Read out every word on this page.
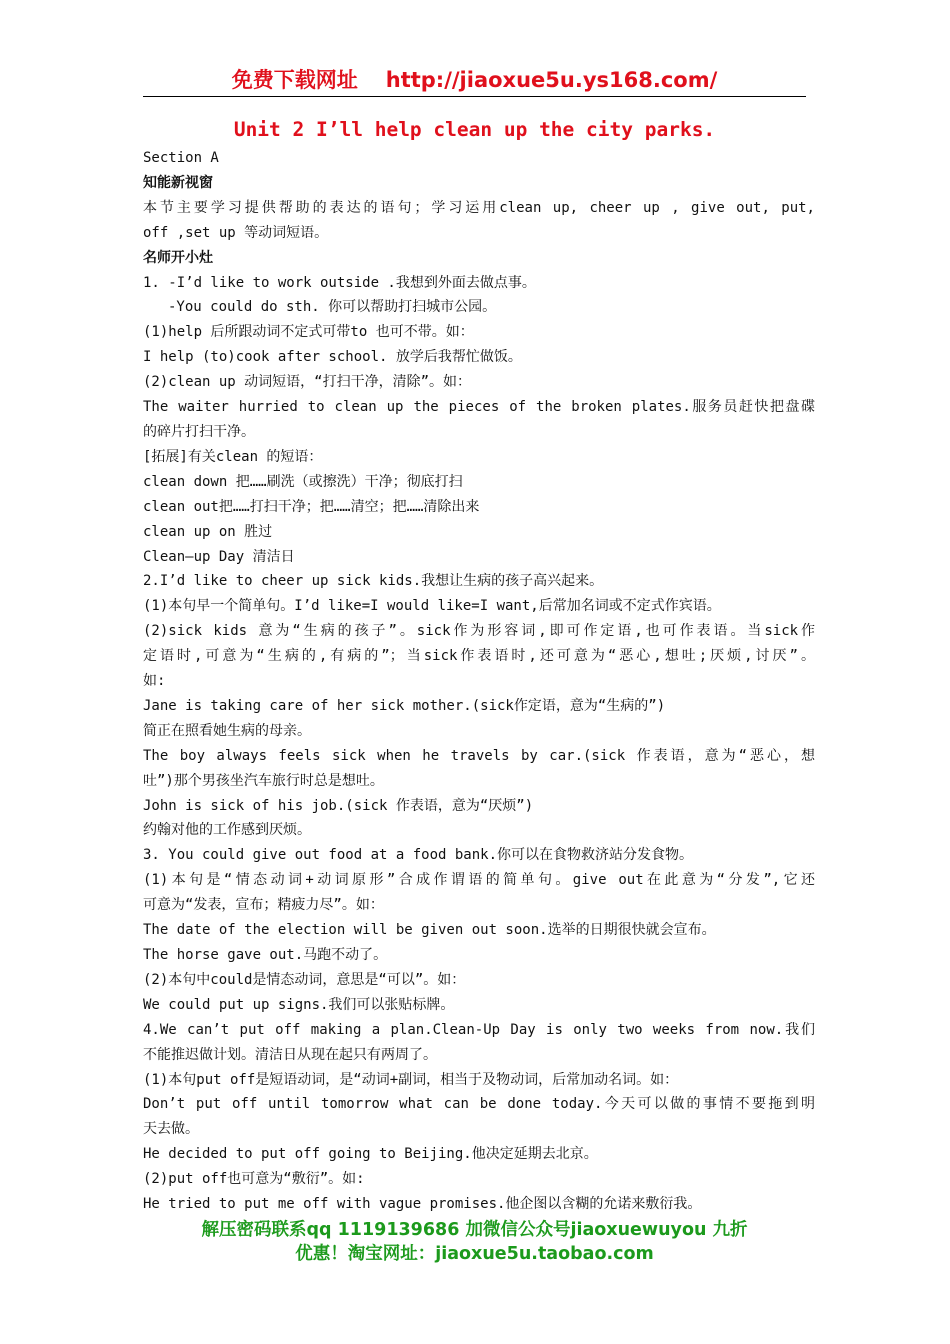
免费下载网址 http://jiaoxue5u.ys168.com/
Unit 2 I’ll help clean up the city parks.

Section A

知能新视窗

本节主要学习提供帮助的表达的语句；学习运用clean up, cheer up , give out, put,

off ,set up 等动词短语。

名师开小灶

1. -I’d like to work outside .我想到外面去做点事。

-You could do sth. 你可以帮助打扫城市公园。

(1)help 后所跟动词不定式可带to 也可不带。如：

I help (to)cook after school. 放学后我帮忙做饭。

(2)clean up 动词短语，“打扫干净，清除”。如：

The waiter hurried to clean up the pieces of the broken plates.服务员赶快把盘碟

的碎片打扫干净。

[拓展]有关clean 的短语：

clean down 把……刷洗（或擦洗）干净；彻底打扫

clean out把……打扫干净；把……清空；把……清除出来

clean up on 胜过

Clean—up Day 清洁日

2.I’d like to cheer up sick kids.我想让生病的孩子高兴起来。

(1)本句早一个简单句。I’d like=I would like=I want,后常加名词或不定式作宾语。

(2)sick kids 意为“生病的孩子”。sick作为形容词,即可作定语,也可作表语。当sick作

定语时,可意为“生病的,有病的”；当sick作表语时,还可意为“恶心,想吐;厌烦,讨厌”。

如:

Jane is taking care of her sick mother.(sick作定语，意为“生病的”)

简正在照看她生病的母亲。

The boy always feels sick when he travels by car.(sick 作表语，意为“恶心，想

吐”)那个男孩坐汽车旅行时总是想吐。

John is sick of his job.(sick 作表语，意为“厌烦”)

约翰对他的工作感到厌烦。

3. You could give out food at a food bank.你可以在食物救济站分发食物。

(1)本句是“情态动词+动词原形”合成作谓语的简单句。give out在此意为“分发”,它还

可意为“发表，宣布；精疲力尽”。如：

The date of the election will be given out soon.选举的日期很快就会宣布。

The horse gave out.马跑不动了。

(2)本句中could是情态动词，意思是“可以”。如：

We could put up signs.我们可以张贴标牌。

4.We can’t put off making a plan.Clean-Up Day is only two weeks from now.我们

不能推迟做计划。清洁日从现在起只有两周了。

(1)本句put off是短语动词，是“动词+副词，相当于及物动词，后常加动名词。如：

Don’t put off until tomorrow what can be done today.今天可以做的事情不要拖到明

天去做。

He decided to put off going to Beijing.他决定延期去北京。

(2)put off也可意为“敷衍”。如:

He tried to put me off with vague promises.他企图以含糊的允诺来敷衍我。

解压密码联系qq 1119139686 加微信公众号jiaoxuewuyou 九折

优惠！淘宝网址：jiaoxue5u.taobao.com
